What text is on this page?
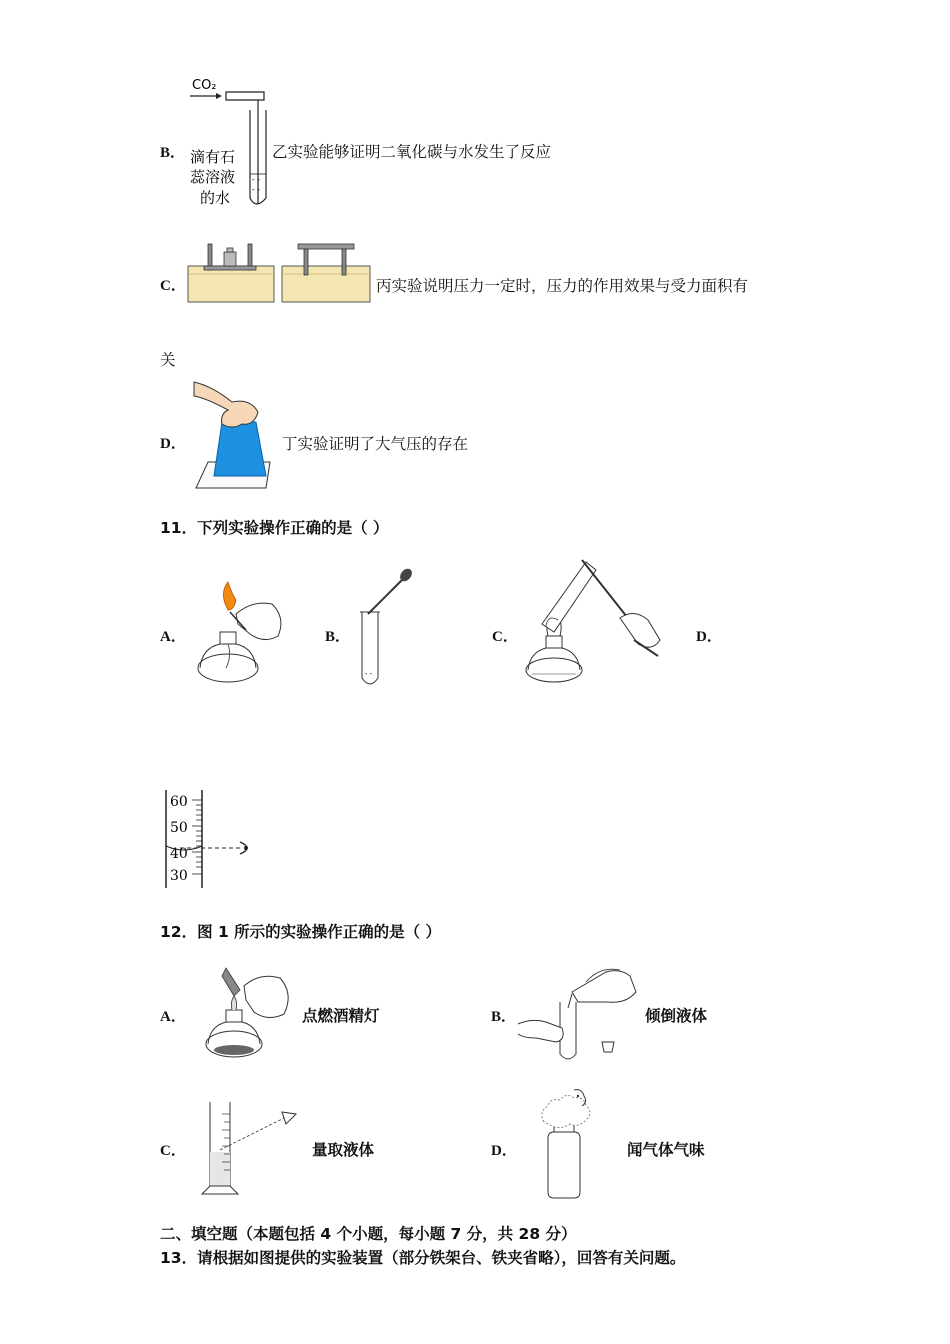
B．
CO₂
- -
- -
滴有石
蕊溶液
的水
乙实验能够证明二氧化碳与水发生了反应
C．	丙实验说明压力一定时，压力的作用效果与受力面积有
关
D．	丁实验证明了大气压的存在
11．下列实验操作正确的是（ ）
A．	B．
- -
C．	D．
60
50
40
30
12．图 1 所示的实验操作正确的是（ ）
A．	点燃酒精灯	B．	倾倒液体
C．	量取液体	D．	闻气体气味
二、填空题（本题包括 4 个小题，每小题 7 分，共 28 分）
13．请根据如图提供的实验装置（部分铁架台、铁夹省略），回答有关问题。
